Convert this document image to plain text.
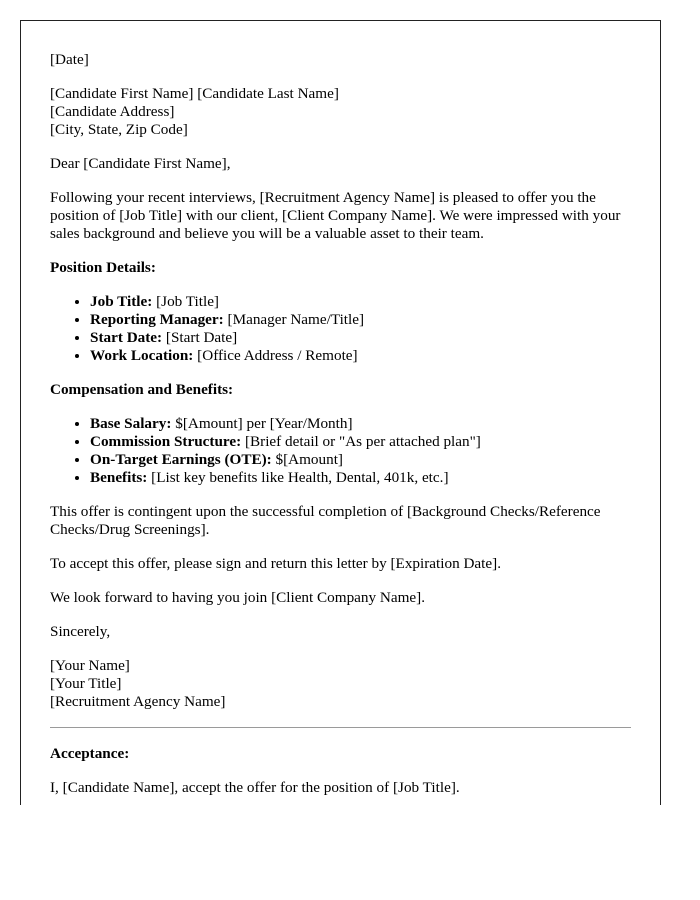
[Date]

[Candidate First Name] [Candidate Last Name]
[Candidate Address]
[City, State, Zip Code]

Dear [Candidate First Name],

Following your recent interviews, [Recruitment Agency Name] is pleased to offer you the position of [Job Title] with our client, [Client Company Name]. We were impressed with your sales background and believe you will be a valuable asset to their team.

Position Details:
• Job Title: [Job Title]
• Reporting Manager: [Manager Name/Title]
• Start Date: [Start Date]
• Work Location: [Office Address / Remote]
Compensation and Benefits:
• Base Salary: $[Amount] per [Year/Month]
• Commission Structure: [Brief detail or "As per attached plan"]
• On-Target Earnings (OTE): $[Amount]
• Benefits: [List key benefits like Health, Dental, 401k, etc.]

This offer is contingent upon the successful completion of [Background Checks/Reference Checks/Drug Screenings].

To accept this offer, please sign and return this letter by [Expiration Date].

We look forward to having you join [Client Company Name].

Sincerely,

[Your Name]
[Your Title]
[Recruitment Agency Name]

Acceptance:

I, [Candidate Name], accept the offer for the position of [Job Title].
